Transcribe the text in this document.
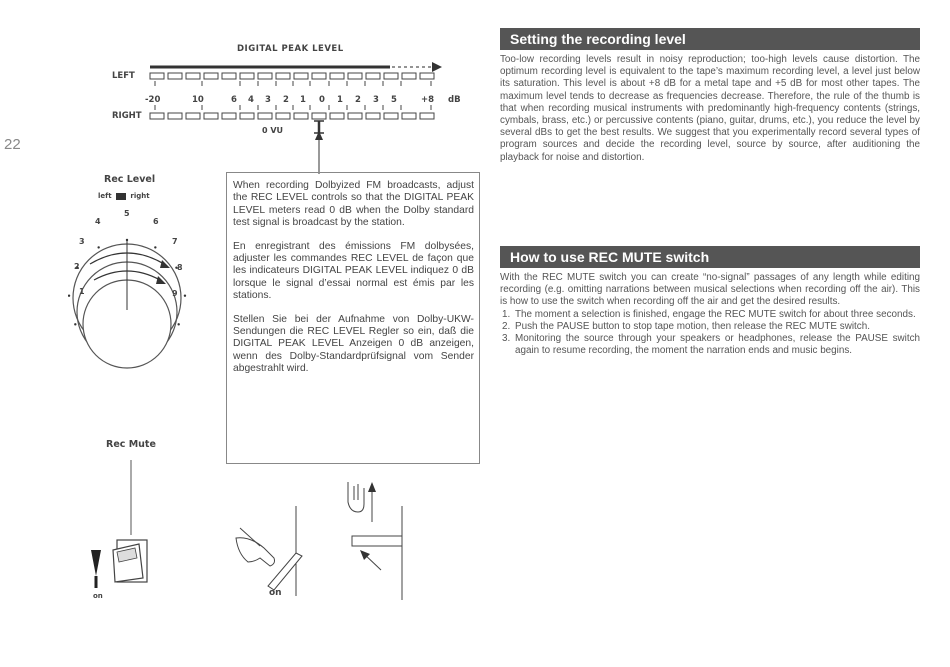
22
DIGITAL PEAK LEVEL
LEFT
RIGHT
-20	10	6 4 3 2 1 0 1 2 3 5	+8 dB
0 VU
Rec Level
left	right
1
2
3
4
5
6
7
8
9

When recording Dolbyized FM broadcasts, adjust the REC LEVEL controls so that the DIGITAL PEAK LEVEL meters read 0 dB when the Dolby standard test signal is broadcast by the station.

En enregistrant des émissions FM dolbysées, adjuster les commandes REC LEVEL de façon que les indicateurs DIGITAL PEAK LEVEL indiquez 0 dB lorsque le signal d’essai normal est émis par les stations.

Stellen Sie bei der Aufnahme von Dolby-UKW-Sendungen die REC LEVEL Regler so ein, daß die DIGITAL PEAK LEVEL Anzeigen 0 dB anzeigen, wenn des Dolby-Standardprüfsignal vom Sender abgestrahlt wird.

Rec Mute
on	on
Setting the recording level
Too-low recording levels result in noisy reproduction; too-high levels cause distortion. The optimum recording level is equivalent to the tape’s maximum recording level, a level just below its saturation. This level is about +8 dB for a metal tape and +5 dB for most other tapes. The maximum level tends to decrease as frequencies decrease. Therefore, the rule of the thumb is that when recording musical instruments with predominantly high-frequency contents (strings, cymbals, brass, etc.) or percussive contents (piano, guitar, drums, etc.), you reduce the level by several dBs to get the best results. We suggest that you experimentally record several types of program sources and decide the recording level, source by source, after auditioning the playback for noise and distortion.
How to use REC MUTE switch
With the REC MUTE switch you can create “no-signal” passages of any length while editing recording (e.g. omitting narrations between musical selections when recording off the air). This is how to use the switch when recording off the air and get the desired results.
1. The moment a selection is finished, engage the REC MUTE switch for about three seconds.
2. Push the PAUSE button to stop tape motion, then release the REC MUTE switch.
3. Monitoring the source through your speakers or headphones, release the PAUSE switch again to resume recording, the moment the narration ends and music begins.
